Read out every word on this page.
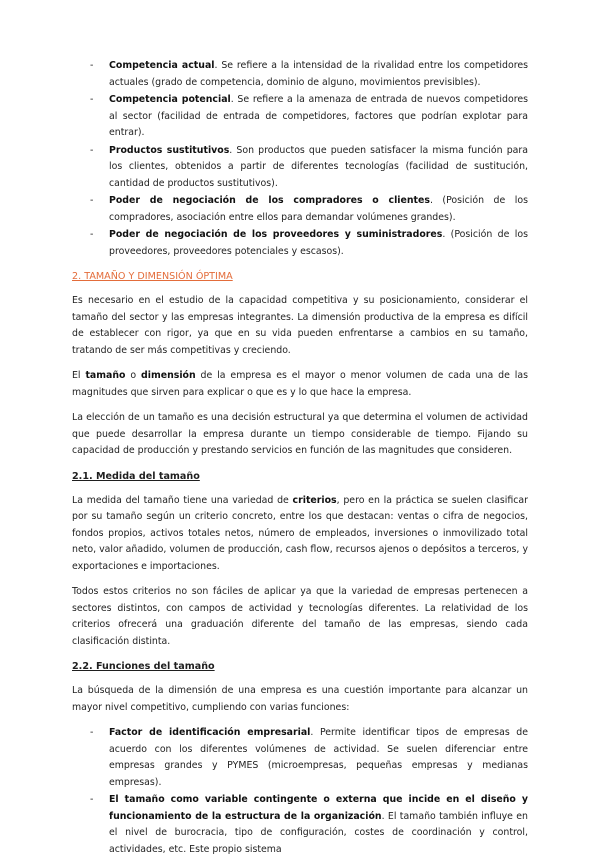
- Competencia actual. Se refiere a la intensidad de la rivalidad entre los competidores actuales (grado de competencia, dominio de alguno, movimientos previsibles).
- Competencia potencial. Se refiere a la amenaza de entrada de nuevos competidores al sector (facilidad de entrada de competidores, factores que podrían explotar para entrar).
- Productos sustitutivos. Son productos que pueden satisfacer la misma función para los clientes, obtenidos a partir de diferentes tecnologías (facilidad de sustitución, cantidad de productos sustitutivos).
- Poder de negociación de los compradores o clientes. (Posición de los compradores, asociación entre ellos para demandar volúmenes grandes).
- Poder de negociación de los proveedores y suministradores. (Posición de los proveedores, proveedores potenciales y escasos).
2. TAMAÑO Y DIMENSIÓN ÓPTIMA

Es necesario en el estudio de la capacidad competitiva y su posicionamiento, considerar el tamaño del sector y las empresas integrantes. La dimensión productiva de la empresa es difícil de establecer con rigor, ya que en su vida pueden enfrentarse a cambios en su tamaño, tratando de ser más competitivas y creciendo.

El tamaño o dimensión de la empresa es el mayor o menor volumen de cada una de las magnitudes que sirven para explicar o que es y lo que hace la empresa.

La elección de un tamaño es una decisión estructural ya que determina el volumen de actividad que puede desarrollar la empresa durante un tiempo considerable de tiempo. Fijando su capacidad de producción y prestando servicios en función de las magnitudes que consideren.

2.1. Medida del tamaño

La medida del tamaño tiene una variedad de criterios, pero en la práctica se suelen clasificar por su tamaño según un criterio concreto, entre los que destacan: ventas o cifra de negocios, fondos propios, activos totales netos, número de empleados, inversiones o inmovilizado total neto, valor añadido, volumen de producción, cash flow, recursos ajenos o depósitos a terceros, y exportaciones e importaciones.

Todos estos criterios no son fáciles de aplicar ya que la variedad de empresas pertenecen a sectores distintos, con campos de actividad y tecnologías diferentes. La relatividad de los criterios ofrecerá una graduación diferente del tamaño de las empresas, siendo cada clasificación distinta.

2.2. Funciones del tamaño

La búsqueda de la dimensión de una empresa es una cuestión importante para alcanzar un mayor nivel competitivo, cumpliendo con varias funciones:

- Factor de identificación empresarial. Permite identificar tipos de empresas de acuerdo con los diferentes volúmenes de actividad. Se suelen diferenciar entre empresas grandes y PYMES (microempresas, pequeñas empresas y medianas empresas).
- El tamaño como variable contingente o externa que incide en el diseño y funcionamiento de la estructura de la organización. El tamaño también influye en el nivel de burocracia, tipo de configuración, costes de coordinación y control, actividades, etc. Este propio sistema
